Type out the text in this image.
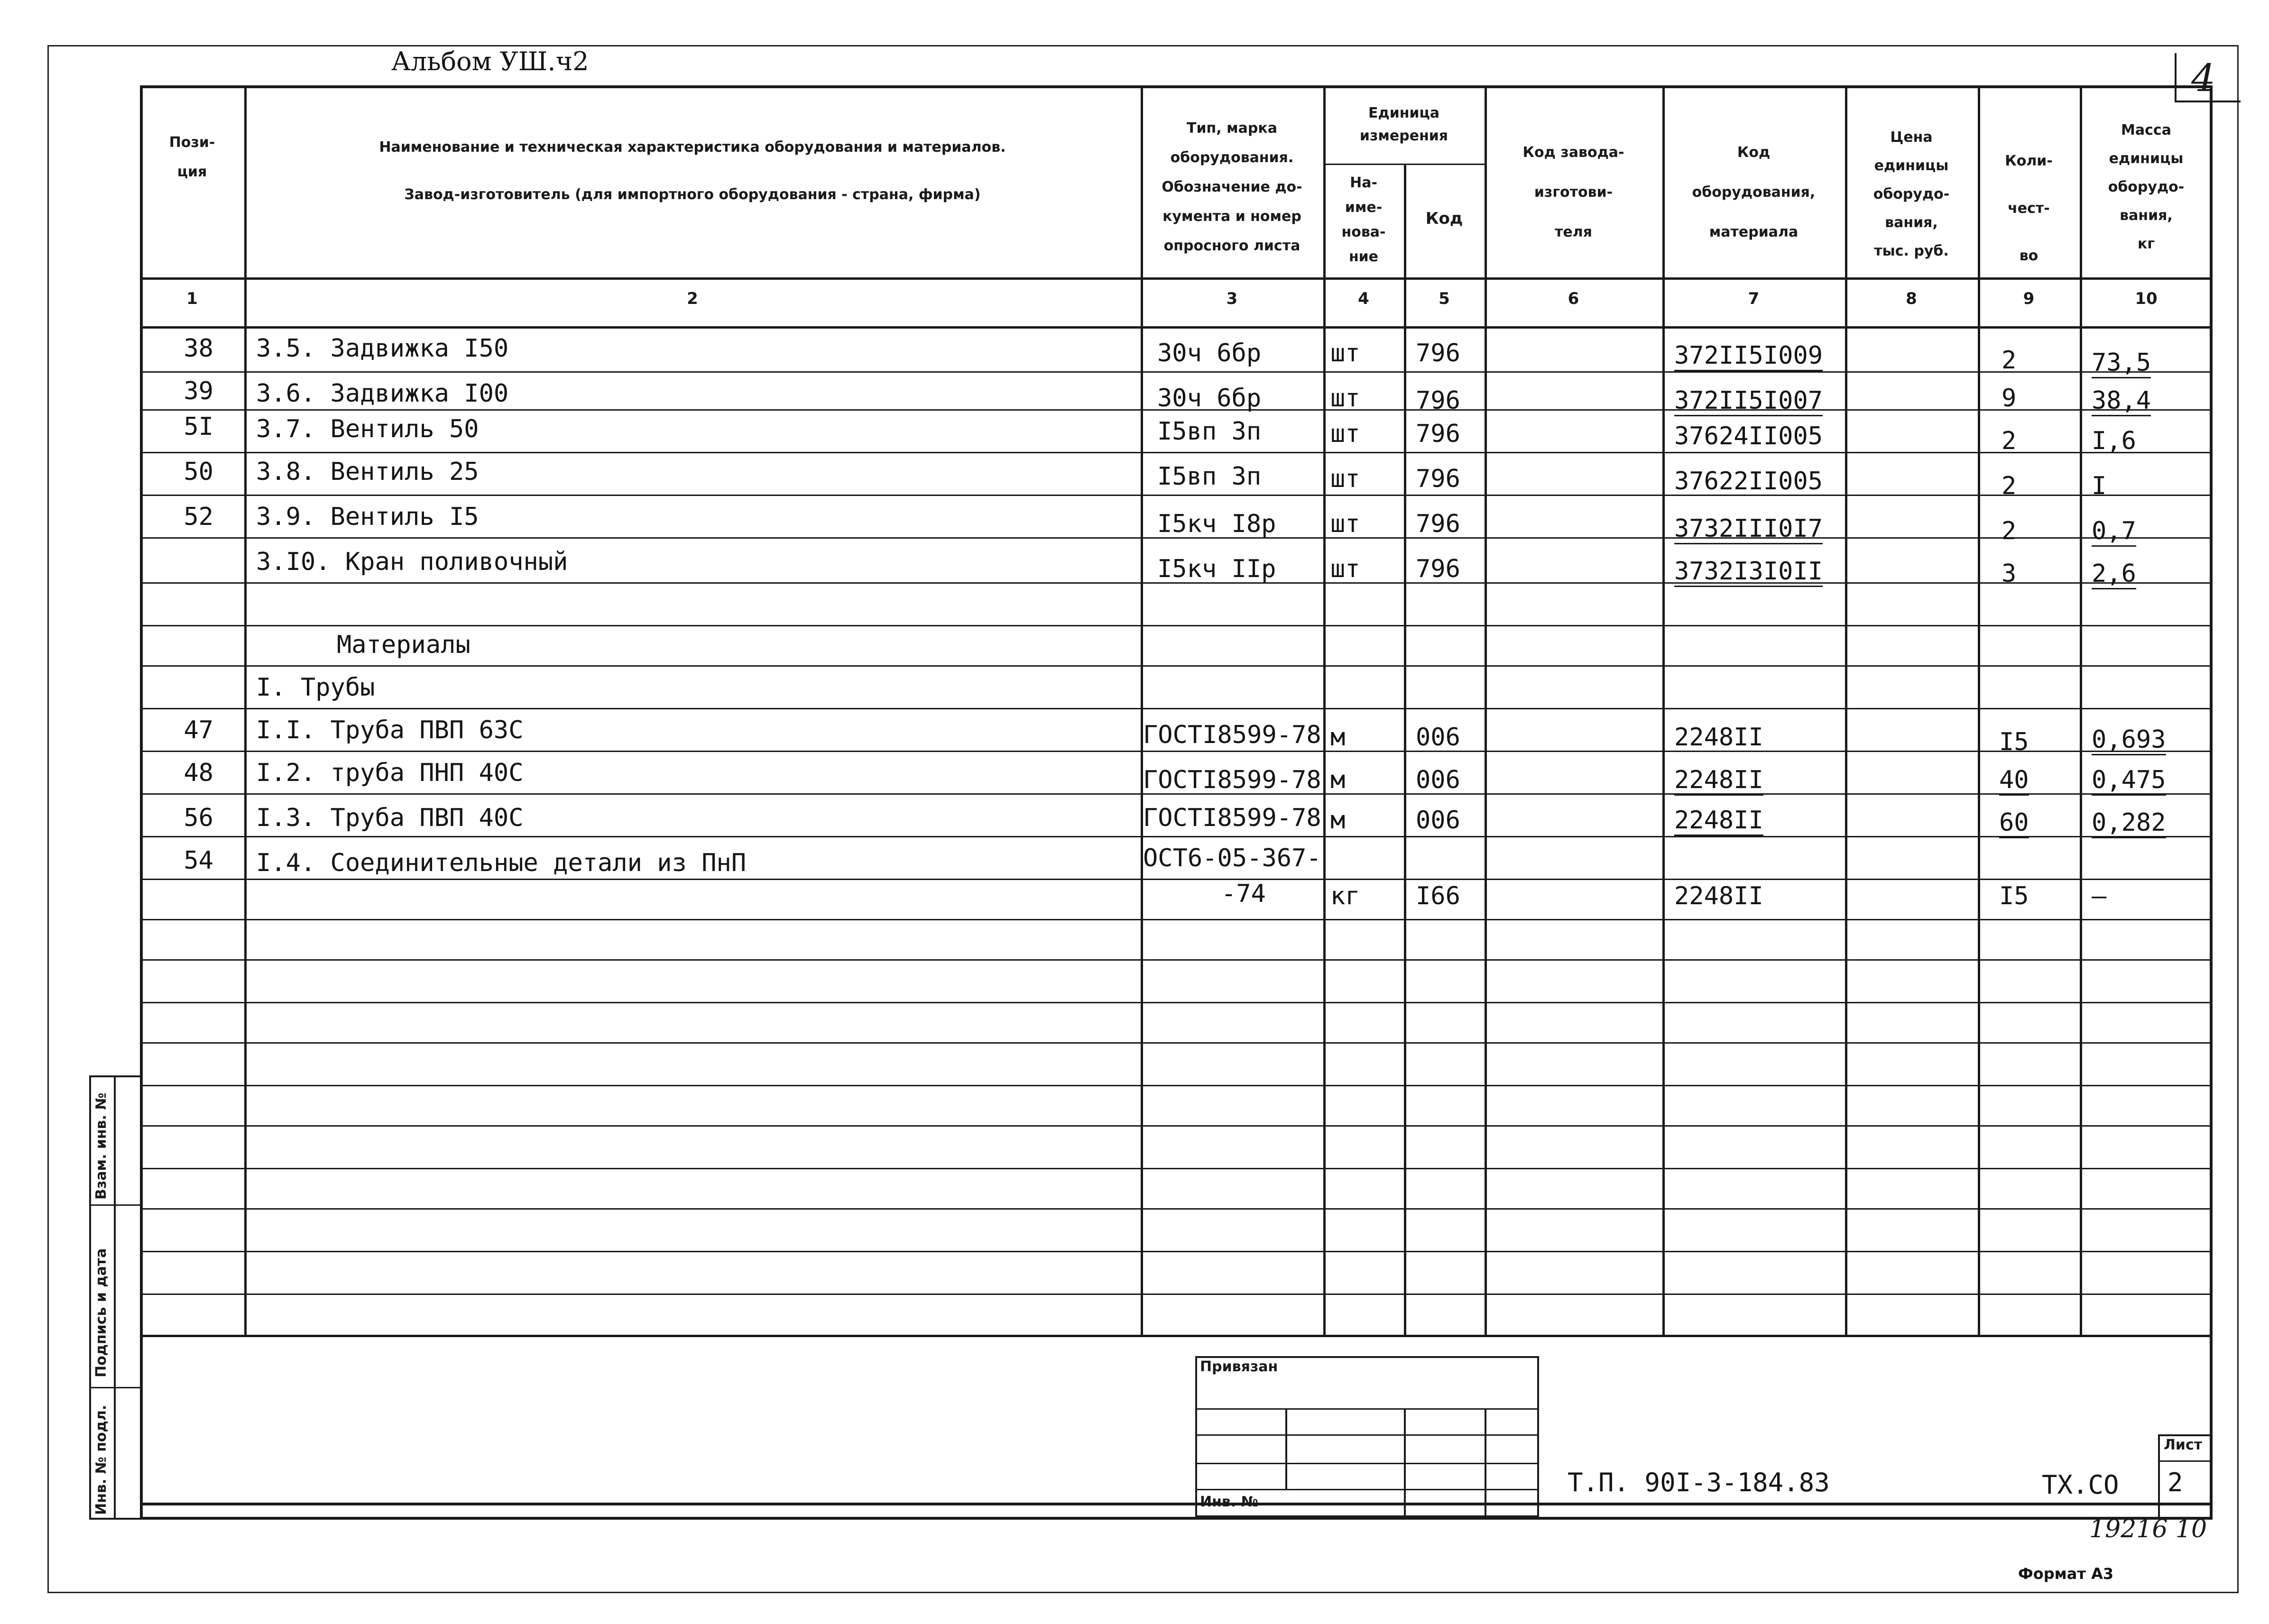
Альбом УШ.ч2	4
Пози-
ция
Наименование и техническая характеристика оборудования и материалов.
Завод-изготовитель (для импортного оборудования - страна, фирма)
Тип, марка
оборудования.
Обозначение до-
кумента и номер
опросного листа
Единица
измерения
На-
име-
нова-
ние
Код
Код завода-
изготови-
теля
Код
оборудования,
материала
Цена
единицы
оборудо-
вания,
тыс. руб.
Коли-
чест-
во
Масса
единицы
оборудо-
вания,
кг
1	2	3	4	5	6	7	8	9	10
38 3.5. Задвижка I50	30ч 6бр	шт 796	372II5I009	2	73,5
39 3.6. Задвижка I00	30ч 6бр	шт 796	372II5I007	9	38,4
5I 3.7. Вентиль 50	I5вп 3п	шт 796	37624II005	2	I,6
50 3.8. Вентиль 25	I5вп 3п	шт 796	37622II005	2	I
52 3.9. Вентиль I5	I5кч I8р шт 796	3732III0I7	2	0,7
3.I0. Кран поливочный	I5кч IIр шт 796	3732I3I0II	3	2,6
Материалы
I. Трубы
47 I.I. Труба ПВП 63С	ГОСТI8599-78 м	006	2248II	I5	0,693
48 I.2. труба ПНП 40С	ГОСТI8599-78 м	006	2248II	40	0,475
56 I.3. Труба ПВП 40С	ГОСТI8599-78 м	006	2248II	60	0,282
54 I.4. Соединительные детали из ПнП	ОСТ6-05-367-
-74	кг I66	2248II	I5	–
Привязан
Инв. №
Т.П. 90I-3-184.83	ТХ.СО
Лист
2
Взам. инв. №
Подпись и дата
Инв. № подл.
19216 10
Формат А3
